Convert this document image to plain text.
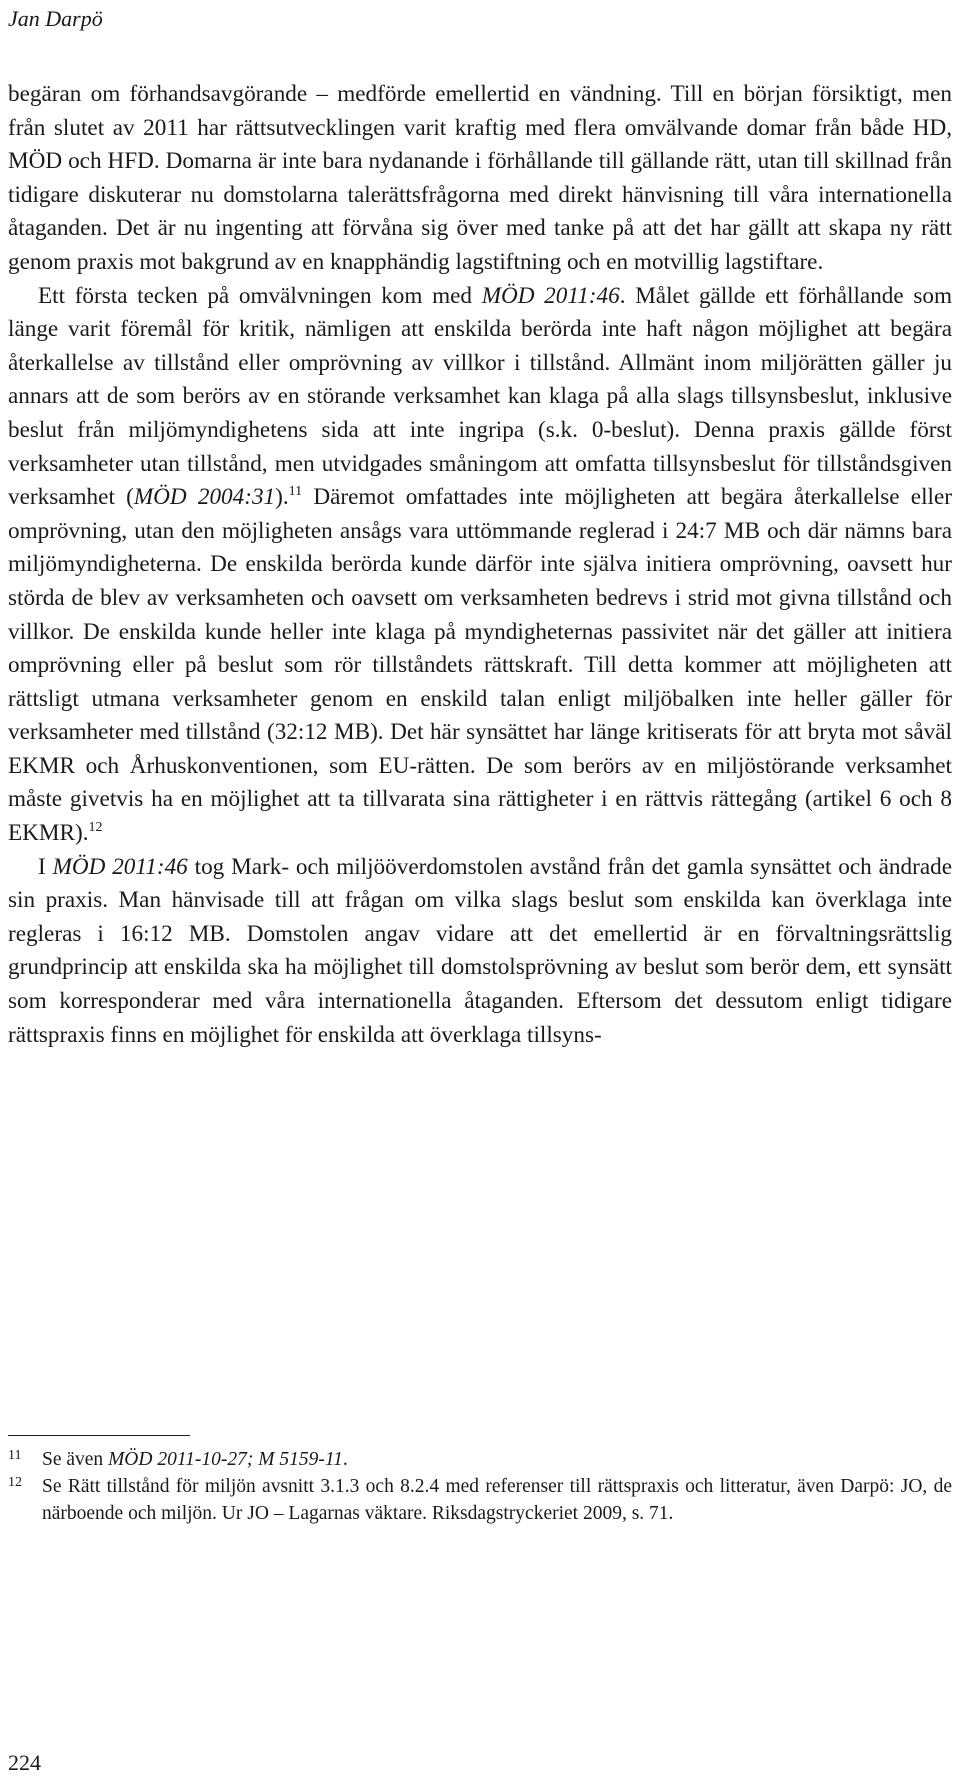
Jan Darpö

begäran om förhandsavgörande – medförde emellertid en vändning. Till en början försiktigt, men från slutet av 2011 har rättsutvecklingen varit kraftig med flera omvälvande domar från både HD, MÖD och HFD. Domarna är inte bara nydanande i förhållande till gällande rätt, utan till skillnad från tidigare diskuterar nu domstolarna talerättsfrågorna med direkt hänvisning till våra internationella åtaganden. Det är nu ingenting att förvåna sig över med tanke på att det har gällt att skapa ny rätt genom praxis mot bakgrund av en knapphändig lagstiftning och en motvillig lagstiftare.

Ett första tecken på omvälvningen kom med MÖD 2011:46. Målet gällde ett förhållande som länge varit föremål för kritik, nämligen att enskilda berörda inte haft någon möjlighet att begära återkallelse av tillstånd eller omprövning av villkor i tillstånd. Allmänt inom miljörätten gäller ju annars att de som berörs av en störande verksamhet kan klaga på alla slags tillsynsbeslut, inklusive beslut från miljömyndighetens sida att inte ingripa (s.k. 0-beslut). Denna praxis gällde först verksamheter utan tillstånd, men utvidgades småningom att omfatta tillsynsbeslut för tillståndsgiven verksamhet (MÖD 2004:31).$^{11}$ Däremot omfattades inte möjligheten att begära återkallelse eller omprövning, utan den möjligheten ansågs vara uttömmande reglerad i 24:7 MB och där nämns bara miljömyndigheterna. De enskilda berörda kunde därför inte själva initiera omprövning, oavsett hur störda de blev av verksamheten och oavsett om verksamheten bedrevs i strid mot givna tillstånd och villkor. De enskilda kunde heller inte klaga på myndigheternas passivitet när det gäller att initiera omprövning eller på beslut som rör tillståndets rättskraft. Till detta kommer att möjligheten att rättsligt utmana verksamheter genom en enskild talan enligt miljöbalken inte heller gäller för verksamheter med tillstånd (32:12 MB). Det här synsättet har länge kritiserats för att bryta mot såväl EKMR och Århuskonventionen, som EU-rätten. De som berörs av en miljöstörande verksamhet måste givetvis ha en möjlighet att ta tillvarata sina rättigheter i en rättvis rättegång (artikel 6 och 8 EKMR).$^{12}$

I MÖD 2011:46 tog Mark- och miljööverdomstolen avstånd från det gamla synsättet och ändrade sin praxis. Man hänvisade till att frågan om vilka slags beslut som enskilda kan överklaga inte regleras i 16:12 MB. Domstolen angav vidare att det emellertid är en förvaltningsrättslig grundprincip att enskilda ska ha möjlighet till domstolsprövning av beslut som berör dem, ett synsätt som korresponderar med våra internationella åtaganden. Eftersom det dessutom enligt tidigare rättspraxis finns en möjlighet för enskilda att överklaga tillsyns-

11 Se även MÖD 2011-10-27; M 5159-11.
12 Se Rätt tillstånd för miljön avsnitt 3.1.3 och 8.2.4 med referenser till rättspraxis och litteratur, även Darpö: JO, de närboende och miljön. Ur JO – Lagarnas väktare. Riksdagstryckeriet 2009, s. 71.
224
